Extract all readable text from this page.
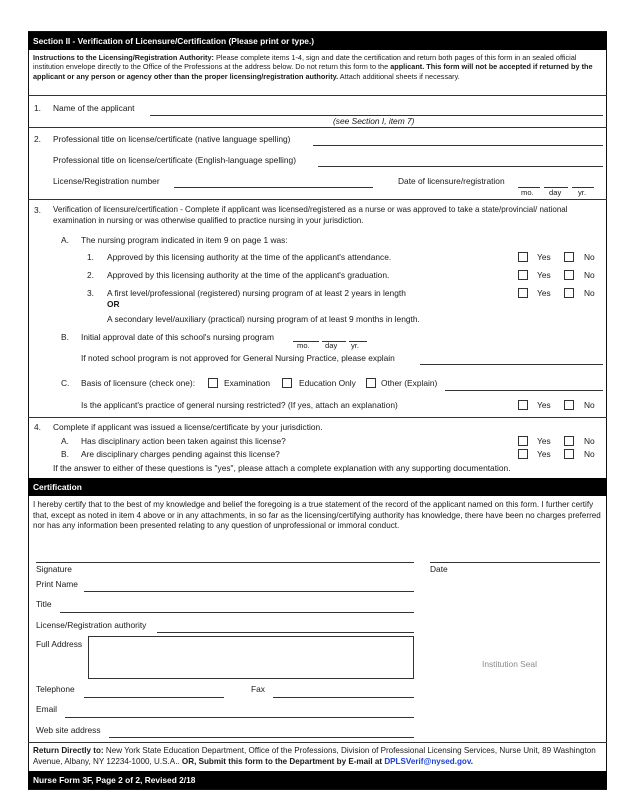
Section II - Verification of Licensure/Certification (Please print or type.)
Instructions to the Licensing/Registration Authority: Please complete items 1-4, sign and date the certification and return both pages of this form in an sealed official institution envelope directly to the Office of the Professions at the address below. Do not return this form to the applicant. This form will not be accepted if returned by the applicant or any person or agency other than the proper licensing/registration authority. Attach additional sheets if necessary.
1. Name of the applicant
(see Section I, item 7)
2. Professional title on license/certificate (native language spelling)
Professional title on license/certificate (English-language spelling)
License/Registration number	Date of licensure/registration
mo. day yr.
3. Verification of licensure/certification - Complete if applicant was licensed/registered as a nurse or was approved to take a state/provincial/ national examination in nursing or was otherwise qualified to practice nursing in your jurisdiction.
A. The nursing program indicated in item 9 on page 1 was:
1. Approved by this licensing authority at the time of the applicant's attendance.	Yes	No
2. Approved by this licensing authority at the time of the applicant's graduation.	Yes	No
3. A first level/professional (registered) nursing program of at least 2 years in length	Yes	No
OR
A secondary level/auxiliary (practical) nursing program of at least 9 months in length.
B. Initial approval date of this school's nursing program
mo. day yr.
If noted school program is not approved for General Nursing Practice, please explain
C. Basis of licensure (check one):	Examination	Education Only	Other (Explain)
Is the applicant's practice of general nursing restricted? (If yes, attach an explanation)	Yes	No
4. Complete if applicant was issued a license/certificate by your jurisdiction.
A. Has disciplinary action been taken against this license?	Yes	No
B. Are disciplinary charges pending against this license?	Yes	No
If the answer to either of these questions is "yes", please attach a complete explanation with any supporting documentation.
Certification
I hereby certify that to the best of my knowledge and belief the foregoing is a true statement of the record of the applicant named on this form. I further certify that, except as noted in item 4 above or in any attachments, in so far as the licensing/certifying authority has knowledge, there have been no charges preferred nor has any information been presented relating to any question of unprofessional or immoral conduct.
Signature	Date
Print Name
Title
License/Registration authority
Full Address
Institution Seal
Telephone	Fax
Email
Web site address
Return Directly to: New York State Education Department, Office of the Professions, Division of Professional Licensing Services, Nurse Unit, 89 Washington Avenue, Albany, NY 12234-1000, U.S.A.. OR, Submit this form to the Department by E-mail at DPLSVerif@nysed.gov.
Nurse Form 3F, Page 2 of 2, Revised 2/18
